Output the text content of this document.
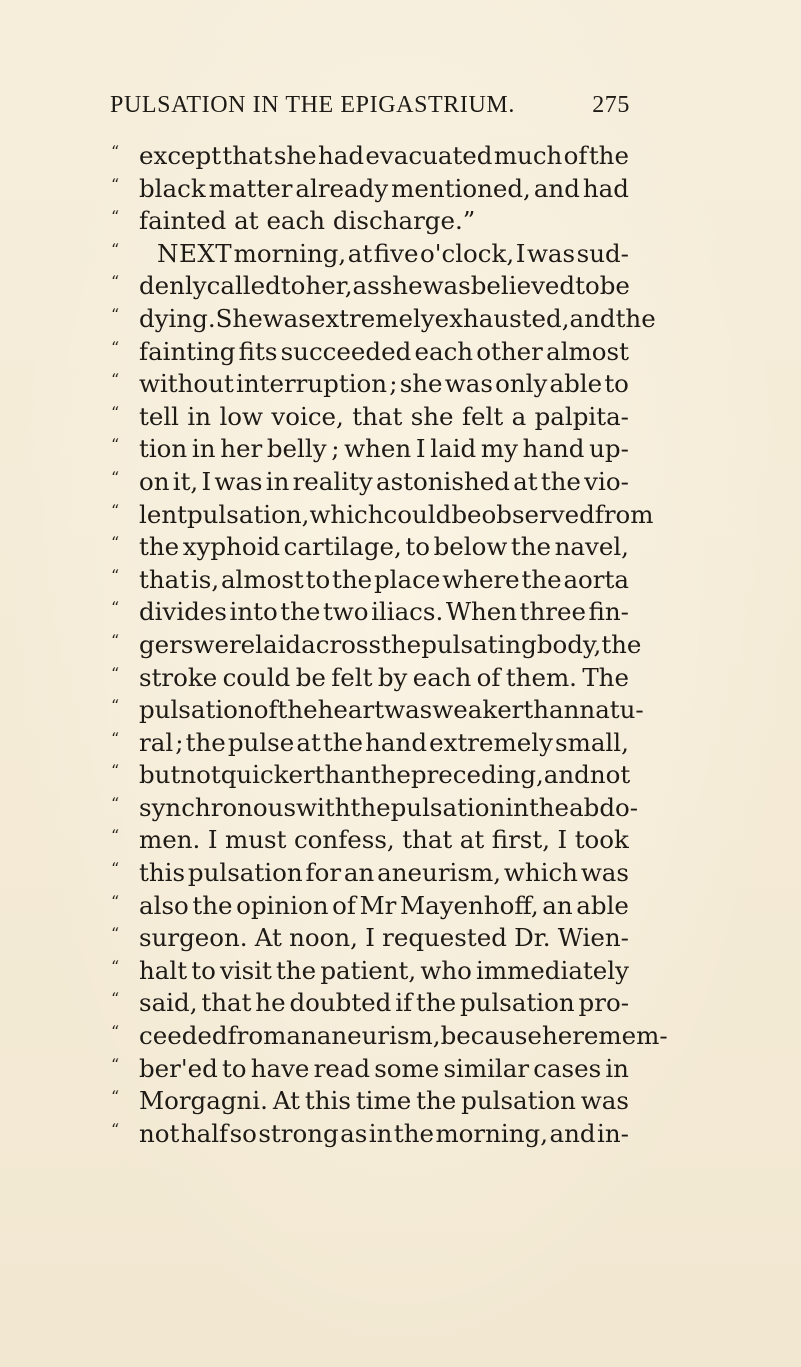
PULSATION IN THE EPIGASTRIUM.	275
“ except that she had evacuated much of the
“ black matter already mentioned, and had
“ fainted at each discharge.”
“ NEXT morning, at five o'clock, I was sud-
“ denly called to her, as she was believed to be
“ dying. She was extremely exhausted, and the
“ fainting fits succeeded each other almost
“ without interruption ; she was only able to
“ tell in low voice, that she felt a palpita-
“ tion in her belly ; when I laid my hand up-
“ on it, I was in reality astonished at the vio-
“ lent pulsation, which could be observed from
“ the xyphoid cartilage, to below the navel,
“ that is, almost to the place where the aorta
“ divides into the two iliacs. When three fin-
“ gers were laid across the pulsating body, the
“ stroke could be felt by each of them. The
“ pulsation of the heart was weaker than natu-
“ ral ; the pulse at the hand extremely small,
“ but not quicker than the preceding, and not
“ synchronous with the pulsation in the abdo-
“ men. I must confess, that at first, I took
“ this pulsation for an aneurism, which was
“ also the opinion of Mr Mayenhoff, an able
“ surgeon. At noon, I requested Dr. Wien-
“ halt to visit the patient, who immediately
“ said, that he doubted if the pulsation pro-
“ ceeded from an aneurism, because he remem-
“ ber'ed to have read some similar cases in
“ Morgagni. At this time the pulsation was
“ not half so strong as in the morning, and in-
